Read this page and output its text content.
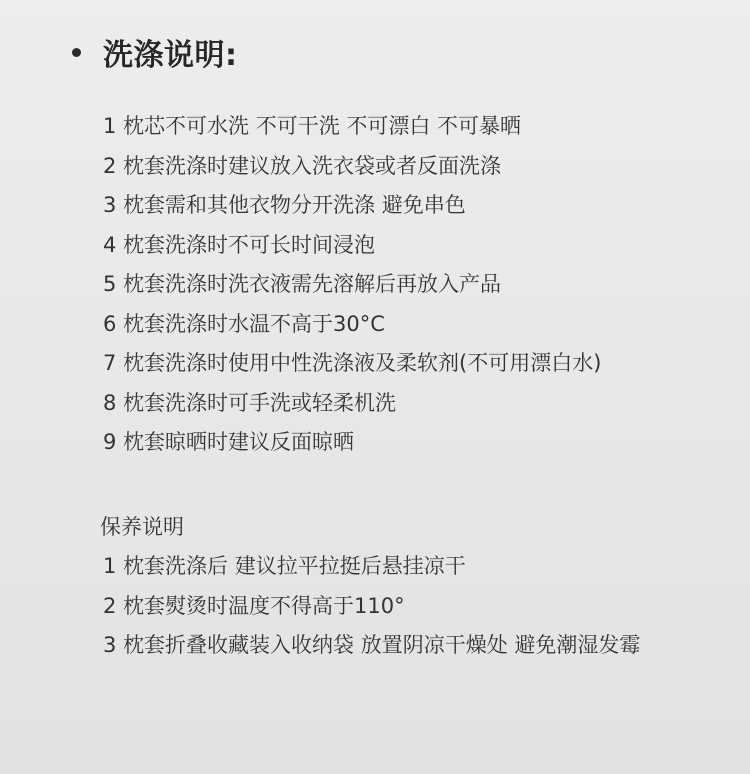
洗涤说明:
1 枕芯不可水洗 不可干洗 不可漂白 不可暴晒
2 枕套洗涤时建议放入洗衣袋或者反面洗涤
3 枕套需和其他衣物分开洗涤 避免串色
4 枕套洗涤时不可长时间浸泡
5 枕套洗涤时洗衣液需先溶解后再放入产品
6 枕套洗涤时水温不高于30°C
7 枕套洗涤时使用中性洗涤液及柔软剂(不可用漂白水)
8 枕套洗涤时可手洗或轻柔机洗
9 枕套晾晒时建议反面晾晒
保养说明
1 枕套洗涤后 建议拉平拉挺后悬挂凉干
2 枕套熨烫时温度不得高于110°
3 枕套折叠收藏装入收纳袋 放置阴凉干燥处 避免潮湿发霉
